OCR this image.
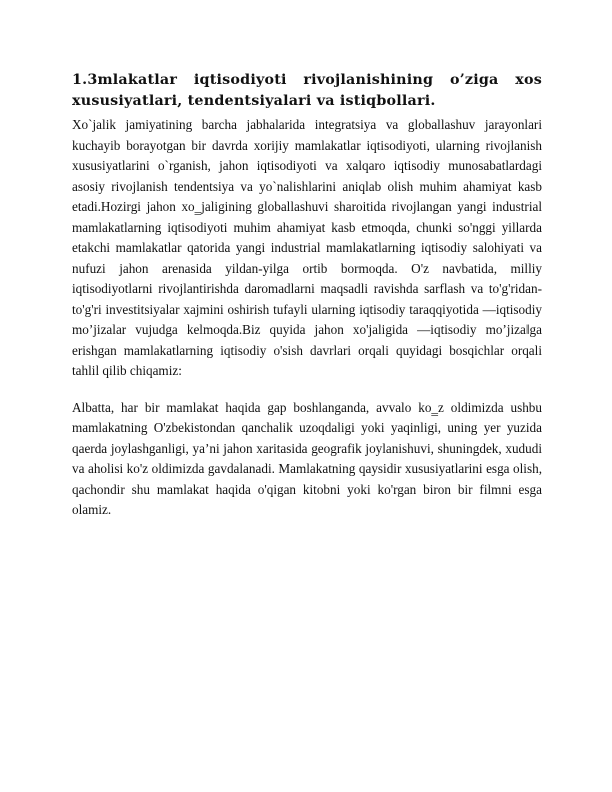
1.3mlakatlar iqtisodiyoti rivojlanishining o’ziga xos xususiyatlari, tendentsiyalari va istiqbollari.

Xo`jalik jamiyatining barcha jabhalarida integratsiya va globallashuv jarayonlari kuchayib borayotgan bir davrda xorijiy mamlakatlar iqtisodiyoti, ularning rivojlanish xususiyatlarini o`rganish, jahon iqtisodiyoti va xalqaro iqtisodiy munosabatlardagi asosiy rivojlanish tendentsiya va yo`nalishlarini aniqlab olish muhim ahamiyat kasb etadi.Hozirgi jahon xo‗jaligining globallashuvi sharoitida rivojlangan yangi industrial mamlakatlarning iqtisodiyoti muhim ahamiyat kasb etmoqda, chunki so'nggi yillarda etakchi mamlakatlar qatorida yangi industrial mamlakatlarning iqtisodiy salohiyati va nufuzi jahon arenasida yildan-yilga ortib bormoqda. O'z navbatida, milliy iqtisodiyotlarni rivojlantirishda daromadlarni maqsadli ravishda sarflash va to'g'ridan-to'g'ri investitsiyalar xajmini oshirish tufayli ularning iqtisodiy taraqqiyotida ―iqtisodiy mo’jizalar vujudga kelmoqda.Biz quyida jahon xo'jaligida ―iqtisodiy mo’jiza‖ga erishgan mamlakatlarning iqtisodiy o'sish davrlari orqali quyidagi bosqichlar orqali tahlil qilib chiqamiz:

Albatta, har bir mamlakat haqida gap boshlanganda, avvalo ko‗z oldimizda ushbu mamlakatning O'zbekistondan qanchalik uzoqdaligi yoki yaqinligi, uning yer yuzida qaerda joylashganligi, ya’ni jahon xaritasida geografik joylanishuvi, shuningdek, xududi va aholisi ko'z oldimizda gavdalanadi. Mamlakatning qaysidir xususiyatlarini esga olish, qachondir shu mamlakat haqida o'qigan kitobni yoki ko'rgan biron bir filmni esga olamiz.
